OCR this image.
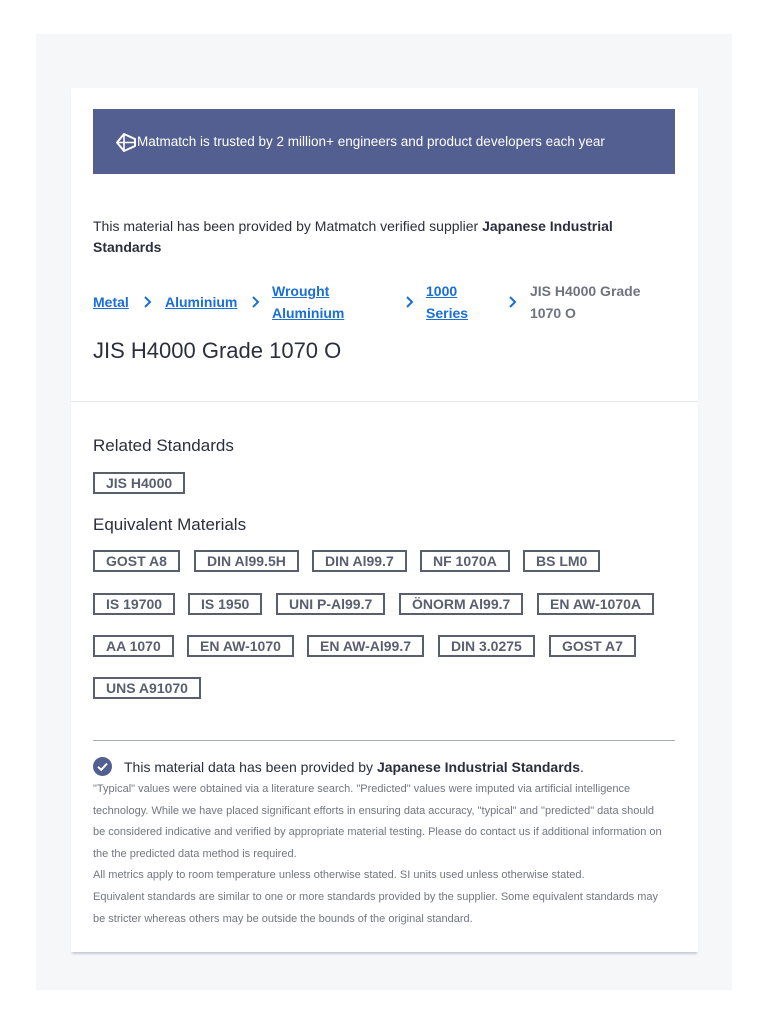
Matmatch is trusted by 2 million+ engineers and product developers each year
This material has been provided by Matmatch verified supplier Japanese Industrial Standards
Metal	Aluminium
Wrought
Aluminium
1000
Series
JIS H4000 Grade
1070 O
JIS H4000 Grade 1070 O
Related Standards
JIS H4000
Equivalent Materials
GOST A8	DIN Al99.5H	DIN Al99.7	NF 1070A	BS LM0
IS 19700	IS 1950	UNI P-Al99.7	ÖNORM Al99.7	EN AW-1070A
AA 1070	EN AW-1070	EN AW-Al99.7	DIN 3.0275	GOST A7
UNS A91070
This material data has been provided by Japanese Industrial Standards.

"Typical" values were obtained via a literature search. "Predicted" values were imputed via artificial intelligence technology. While we have placed significant efforts in ensuring data accuracy, "typical" and "predicted" data should be considered indicative and verified by appropriate material testing. Please do contact us if additional information on the the predicted data method is required.

All metrics apply to room temperature unless otherwise stated. SI units used unless otherwise stated.

Equivalent standards are similar to one or more standards provided by the supplier. Some equivalent standards may be stricter whereas others may be outside the bounds of the original standard.
